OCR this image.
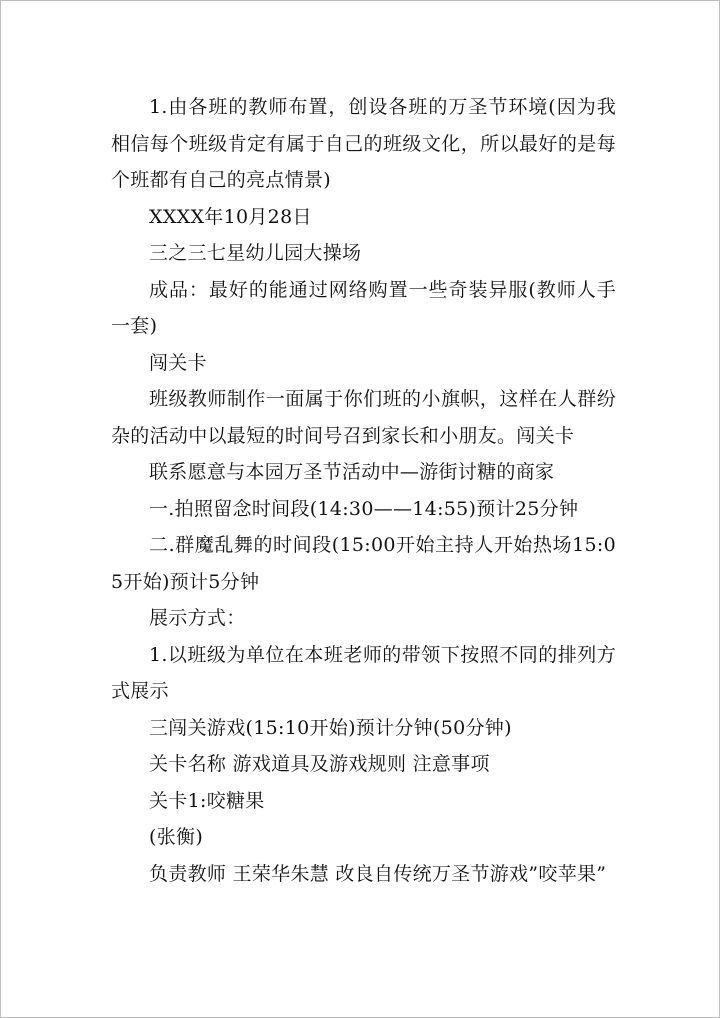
1.由各班的教师布置，创设各班的万圣节环境(因为我相信每个班级肯定有属于自己的班级文化，所以最好的是每个班都有自己的亮点情景)

XXXX年10月28日

三之三七星幼儿园大操场

成品：最好的能通过网络购置一些奇装异服(教师人手一套)

闯关卡

班级教师制作一面属于你们班的小旗帜，这样在人群纷杂的活动中以最短的时间号召到家长和小朋友。闯关卡

联系愿意与本园万圣节活动中—游街讨糖的商家

一.拍照留念时间段(14:30——14:55)预计25分钟

二.群魔乱舞的时间段(15:00开始主持人开始热场15:05开始)预计5分钟

展示方式：

1.以班级为单位在本班老师的带领下按照不同的排列方式展示

三闯关游戏(15:10开始)预计分钟(50分钟)

关卡名称 游戏道具及游戏规则 注意事项

关卡1:咬糖果

(张衡)

负责教师 王荣华朱慧 改良自传统万圣节游戏”咬苹果”
